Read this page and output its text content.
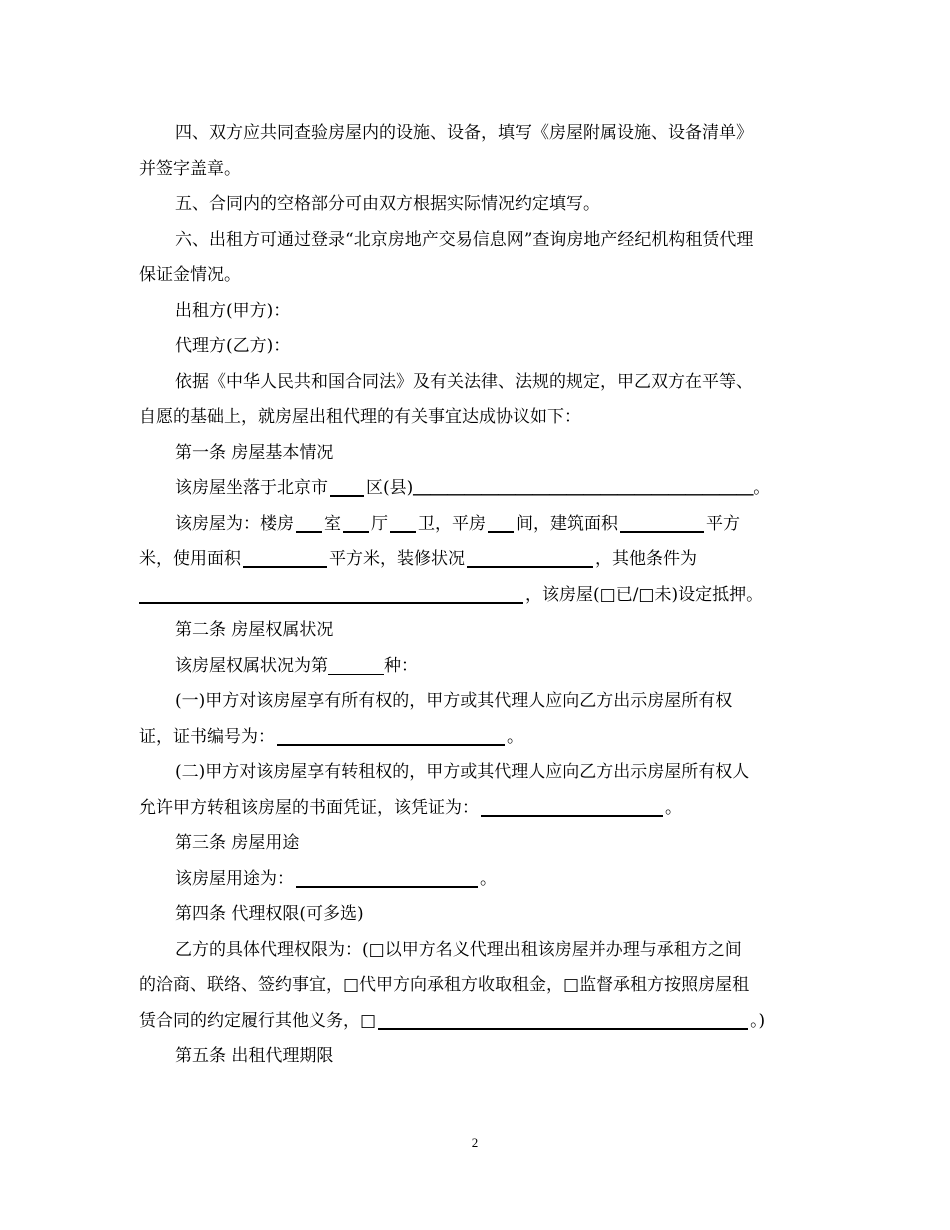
四、双方应共同查验房屋内的设施、设备，填写《房屋附属设施、设备清单》

并签字盖章。

五、合同内的空格部分可由双方根据实际情况约定填写。

六、出租方可通过登录“北京房地产交易信息网”查询房地产经纪机构租赁代理

保证金情况。

出租方(甲方)：

代理方(乙方)：

依据《中华人民共和国合同法》及有关法律、法规的规定，甲乙双方在平等、

自愿的基础上，就房屋出租代理的有关事宜达成协议如下：

第一条 房屋基本情况

该房屋坐落于北京市 区(县)＿＿＿＿＿＿＿＿＿＿＿＿＿＿＿＿＿＿＿＿。

该房屋为：楼房 室 厅 卫，平房 间，建筑面积	平方

米，使用面积	平方米，装修状况	，其他条件为

，该房屋(□已/□未)设定抵押。

第二条 房屋权属状况

该房屋权属状况为第	种：

(一)甲方对该房屋享有所有权的，甲方或其代理人应向乙方出示房屋所有权

证，证书编号为：	。

(二)甲方对该房屋享有转租权的，甲方或其代理人应向乙方出示房屋所有权人

允许甲方转租该房屋的书面凭证，该凭证为：	。

第三条 房屋用途

该房屋用途为：	。

第四条 代理权限(可多选)

乙方的具体代理权限为：(□以甲方名义代理出租该房屋并办理与承租方之间

的洽商、联络、签约事宜，□代甲方向承租方收取租金，□监督承租方按照房屋租

赁合同的约定履行其他义务，□	。)

第五条 出租代理期限

2
